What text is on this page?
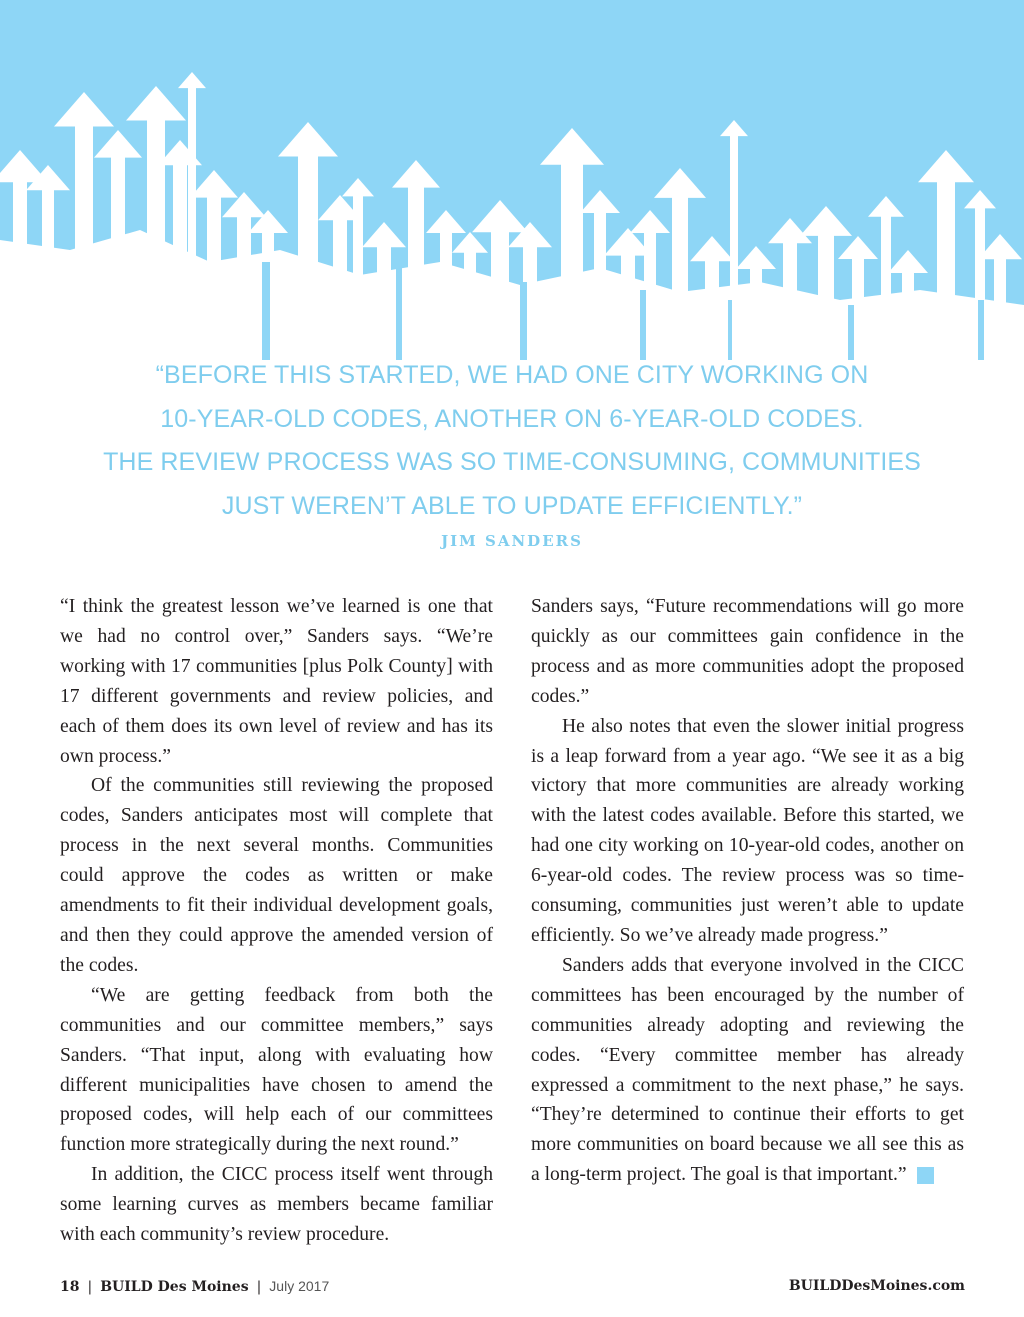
“BEFORE THIS STARTED, WE HAD ONE CITY WORKING ON
10-YEAR-OLD CODES, ANOTHER ON 6-YEAR-OLD CODES.
THE REVIEW PROCESS WAS SO TIME-CONSUMING, COMMUNITIES
JUST WEREN’T ABLE TO UPDATE EFFICIENTLY.”
JIM SANDERS

“I think the greatest lesson we’ve learned is one that we had no control over,” Sanders says. “We’re working with 17 communities [plus Polk County] with 17 different governments and review policies, and each of them does its own level of review and has its own process.”

Of the communities still reviewing the proposed codes, Sanders anticipates most will complete that process in the next several months. Communities could approve the codes as written or make amendments to fit their individual development goals, and then they could approve the amended version of the codes.

“We are getting feedback from both the communities and our committee members,” says Sanders. “That input, along with evaluating how different municipalities have chosen to amend the proposed codes, will help each of our committees function more strategically during the next round.”

In addition, the CICC process itself went through some learning curves as members became familiar with each community’s review procedure.

Sanders says, “Future recommendations will go more quickly as our committees gain confidence in the process and as more communities adopt the proposed codes.”

He also notes that even the slower initial progress is a leap forward from a year ago. “We see it as a big victory that more communities are already working with the latest codes available. Before this started, we had one city working on 10-year-old codes, another on 6-year-old codes. The review process was so time-consuming, communities just weren’t able to update efficiently. So we’ve already made progress.”

Sanders adds that everyone involved in the CICC committees has been encouraged by the number of communities already adopting and reviewing the codes. “Every committee member has already expressed a commitment to the next phase,” he says. “They’re determined to continue their efforts to get more communities on board because we all see this as a long-term project. The goal is that important.”	B

18 | BUILD Des Moines | July 2017	BUILDDesMoines.com
